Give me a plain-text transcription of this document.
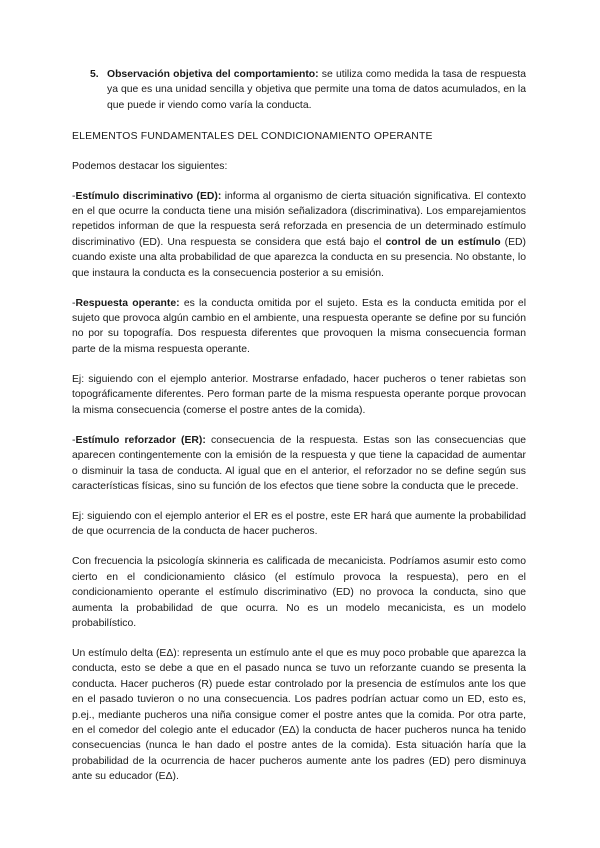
5. Observación objetiva del comportamiento: se utiliza como medida la tasa de respuesta ya que es una unidad sencilla y objetiva que permite una toma de datos acumulados, en la que puede ir viendo como varía la conducta.
ELEMENTOS FUNDAMENTALES DEL CONDICIONAMIENTO OPERANTE

Podemos destacar los siguientes:

-Estímulo discriminativo (ED): informa al organismo de cierta situación significativa. El contexto en el que ocurre la conducta tiene una misión señalizadora (discriminativa). Los emparejamientos repetidos informan de que la respuesta será reforzada en presencia de un determinado estímulo discriminativo (ED). Una respuesta se considera que está bajo el control de un estímulo (ED) cuando existe una alta probabilidad de que aparezca la conducta en su presencia. No obstante, lo que instaura la conducta es la consecuencia posterior a su emisión.

-Respuesta operante: es la conducta omitida por el sujeto. Esta es la conducta emitida por el sujeto que provoca algún cambio en el ambiente, una respuesta operante se define por su función no por su topografía. Dos respuesta diferentes que provoquen la misma consecuencia forman parte de la misma respuesta operante.

Ej: siguiendo con el ejemplo anterior. Mostrarse enfadado, hacer pucheros o tener rabietas son topográficamente diferentes. Pero forman parte de la misma respuesta operante porque provocan la misma consecuencia (comerse el postre antes de la comida).

-Estímulo reforzador (ER): consecuencia de la respuesta. Estas son las consecuencias que aparecen contingentemente con la emisión de la respuesta y que tiene la capacidad de aumentar o disminuir la tasa de conducta. Al igual que en el anterior, el reforzador no se define según sus características físicas, sino su función de los efectos que tiene sobre la conducta que le precede.

Ej: siguiendo con el ejemplo anterior el ER es el postre, este ER hará que aumente la probabilidad de que ocurrencia de la conducta de hacer pucheros.

Con frecuencia la psicología skinneria es calificada de mecanicista. Podríamos asumir esto como cierto en el condicionamiento clásico (el estímulo provoca la respuesta), pero en el condicionamiento operante el estímulo discriminativo (ED) no provoca la conducta, sino que aumenta la probabilidad de que ocurra. No es un modelo mecanicista, es un modelo probabilístico.

Un estímulo delta (EΔ): representa un estímulo ante el que es muy poco probable que aparezca la conducta, esto se debe a que en el pasado nunca se tuvo un reforzante cuando se presenta la conducta. Hacer pucheros (R) puede estar controlado por la presencia de estímulos ante los que en el pasado tuvieron o no una consecuencia. Los padres podrían actuar como un ED, esto es, p.ej., mediante pucheros una niña consigue comer el postre antes que la comida. Por otra parte, en el comedor del colegio ante el educador (EΔ) la conducta de hacer pucheros nunca ha tenido consecuencias (nunca le han dado el postre antes de la comida). Esta situación haría que la probabilidad de la ocurrencia de hacer pucheros aumente ante los padres (ED) pero disminuya ante su educador (EΔ).
